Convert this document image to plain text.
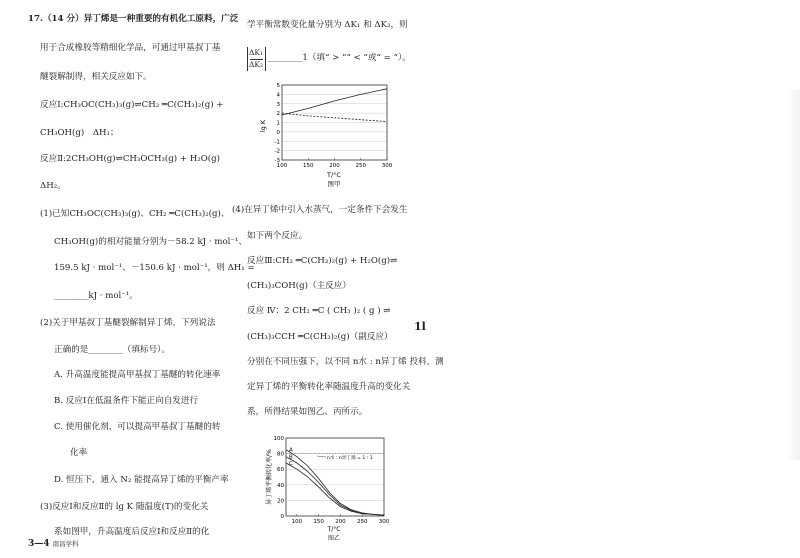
17.（14 分）异丁烯是一种重要的有机化工原料，广泛
用于合成橡胶等精细化学品，可通过甲基叔丁基
醚裂解制得，相关反应如下。
反应Ⅰ:CH₃OC(CH₃)₃(g)⇌CH₂ ═C(CH₃)₂(g) +
CH₃OH(g)　ΔH₁；
反应Ⅱ:2CH₃OH(g)⇌CH₃OCH₃(g) + H₂O(g)
ΔH₂。
(1)已知CH₃OC(CH₃)₃(g)、CH₂ ═C(CH₃)₂(g)、
CH₃OH(g)的相对能量分别为－58.2 kJ · mol⁻¹、
159.5 kJ · mol⁻¹、－150.6 kJ · mol⁻¹，则 ΔH₁ =
________kJ · mol⁻¹。
(2)关于甲基叔丁基醚裂解制异丁烯，下列说法
正确的是________（填标号）。
A. 升高温度能提高甲基叔丁基醚的转化速率
B. 反应Ⅰ在低温条件下能正向自发进行
C. 使用催化剂，可以提高甲基叔丁基醚的转
化率
D. 恒压下，通入 N₂ 能提高异丁烯的平衡产率
(3)反应Ⅰ和反应Ⅱ的 lg K 随温度(T)的变化关
系如图甲，升高温度后反应Ⅰ和反应Ⅱ的化
学平衡常数变化量分别为 ΔK₁ 和 ΔK₂，则
ΔK₁
ΔK₂
________1（填“ > ”“ < ”或“ = ”）。
5
4
3
2
1
0
-1
-2
-3
100	150	200	250	300
lg K
T/°C
图甲
(4)在异丁烯中引入水蒸气，一定条件下会发生
如下两个反应。
反应Ⅲ:CH₂ ═C(CH₃)₂(g) + H₂O(g)⇌
(CH₃)₃COH(g)（主反应）
反应 Ⅳ：2 CH₂ ═C ( CH₃ )₂ ( g ) ⇌
(CH₃)₃CCH ═C(CH₃)₂(g)（副反应）
分别在不同压强下，以不同 n水 : n异丁烯 投料，测
定异丁烯的平衡转化率随温度升高的变化关
系，所得结果如图乙、丙所示。
100
80
60
40
20
0
100 150 200 250 300
A
B
C
n水 : n异丁烯 = 1 : 1
异丁烯平衡转化率/%
T/°C
图乙
1l
3—4 南昌学科
